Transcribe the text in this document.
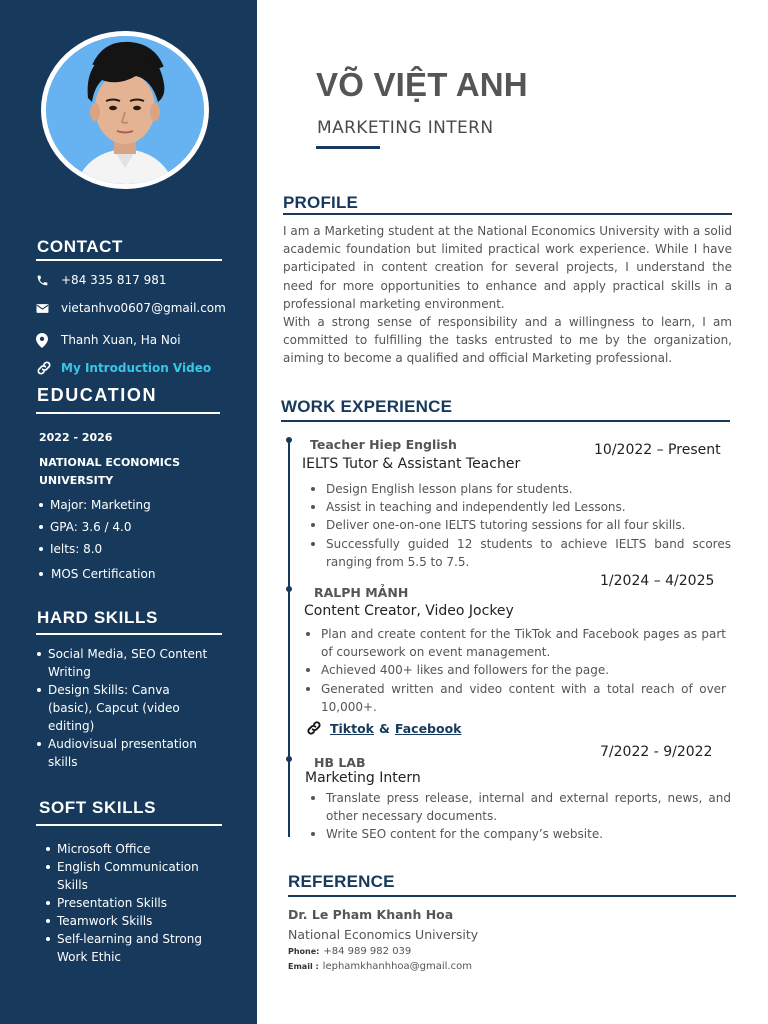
CONTACT
+84 335 817 981
vietanhvo0607@gmail.com
Thanh Xuan, Ha Noi
My Introduction Video
EDUCATION
2022 - 2026
NATIONAL ECONOMICS UNIVERSITY
Major: Marketing
GPA: 3.6 / 4.0
Ielts: 8.0
MOS Certification
HARD SKILLS
Social Media, SEO Content Writing
Design Skills: Canva (basic), Capcut (video editing)
Audiovisual presentation skills
SOFT SKILLS
Microsoft Office
English Communication Skills
Presentation Skills
Teamwork Skills
Self-learning and Strong Work Ethic
VÕ VIỆT ANH
MARKETING INTERN
PROFILE

I am a Marketing student at the National Economics University with a solid academic foundation but limited practical work experience. While I have participated in content creation for several projects, I understand the need for more opportunities to enhance and apply practical skills in a professional marketing environment.

With a strong sense of responsibility and a willingness to learn, I am committed to fulfilling the tasks entrusted to me by the organization, aiming to become a qualified and official Marketing professional.

WORK EXPERIENCE
Teacher Hiep English
IELTS Tutor & Assistant Teacher
10/2022 – Present
Design English lesson plans for students.
Assist in teaching and independently led Lessons.
Deliver one-on-one IELTS tutoring sessions for all four skills.
Successfully guided 12 students to achieve IELTS band scores ranging from 5.5 to 7.5.
RALPH MẢNH
Content Creator, Video Jockey
1/2024 – 4/2025
Plan and create content for the TikTok and Facebook pages as part of coursework on event management.
Achieved 400+ likes and followers for the page.
Generated written and video content with a total reach of over 10,000+.
Tiktok & Facebook
HB LAB
Marketing Intern
7/2022 - 9/2022
Translate press release, internal and external reports, news, and other necessary documents.
Write SEO content for the company’s website.
REFERENCE
Dr. Le Pham Khanh Hoa
National Economics University
Phone: +84 989 982 039
Email : lephamkhanhhoa@gmail.com
